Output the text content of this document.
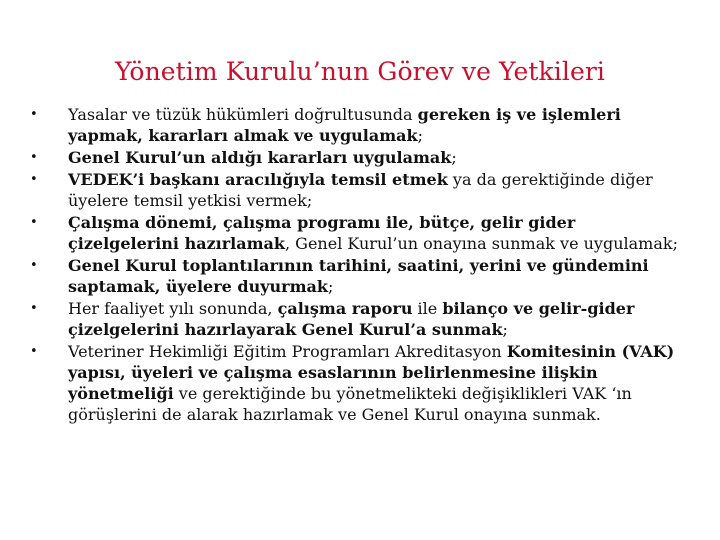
Yönetim Kurulu’nun Görev ve Yetkileri
• Yasalar ve tüzük hükümleri doğrultusunda gereken iş ve işlemleri yapmak, kararları almak ve uygulamak;
• Genel Kurul’un aldığı kararları uygulamak;
• VEDEK’i başkanı aracılığıyla temsil etmek ya da gerektiğinde diğer üyelere temsil yetkisi vermek;
• Çalışma dönemi, çalışma programı ile, bütçe, gelir gider çizelgelerini hazırlamak, Genel Kurul’un onayına sunmak ve uygulamak;
• Genel Kurul toplantılarının tarihini, saatini, yerini ve gündemini saptamak, üyelere duyurmak;
• Her faaliyet yılı sonunda, çalışma raporu ile bilanço ve gelir-gider çizelgelerini hazırlayarak Genel Kurul’a sunmak;
• Veteriner Hekimliği Eğitim Programları Akreditasyon Komitesinin (VAK) yapısı, üyeleri ve çalışma esaslarının belirlenmesine ilişkin yönetmeliği ve gerektiğinde bu yönetmelikteki değişiklikleri VAK ‘ın görüşlerini de alarak hazırlamak ve Genel Kurul onayına sunmak.
